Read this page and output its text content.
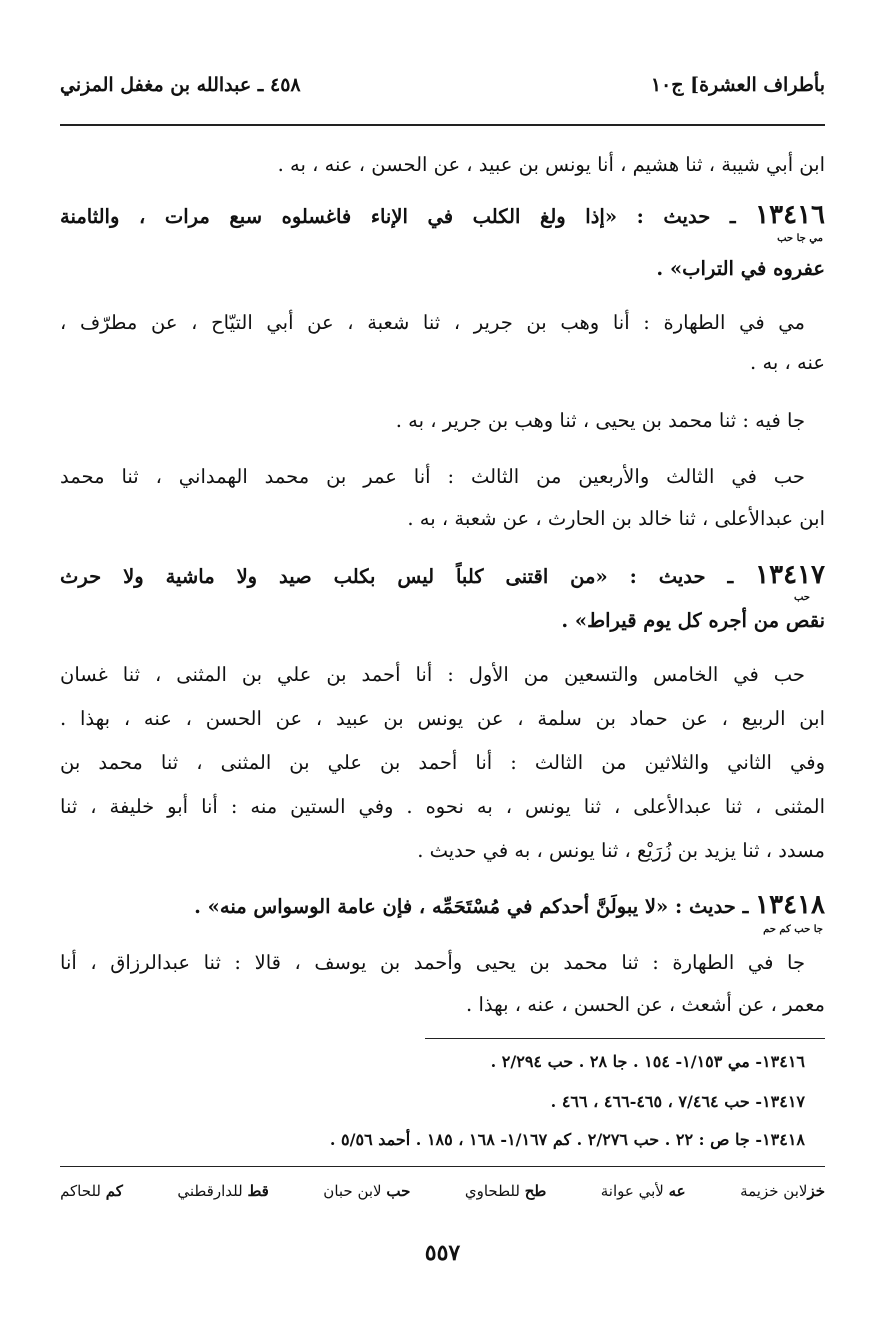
بأطراف العشرة] ج١٠
٤٥٨ ـ عبدالله بن مغفل المزني
ابن أبي شيبة ، ثنا هشيم ، أنا يونس بن عبيد ، عن الحسن ، عنه ، به .
١٣٤١٦ ـ حديث : «إذا ولغ الكلب في الإناء فاغسلوه سبع مرات ، والثامنة
مي جا حب
عفروه في التراب» .
مي في الطهارة : أنا وهب بن جرير ، ثنا شعبة ، عن أبي التيّاح ، عن مطرّف ،
عنه ، به .
جا فيه : ثنا محمد بن يحيى ، ثنا وهب بن جرير ، به .
حب في الثالث والأربعين من الثالث : أنا عمر بن محمد الهمداني ، ثنا محمد
ابن عبدالأعلى ، ثنا خالد بن الحارث ، عن شعبة ، به .
١٣٤١٧ ـ حديث : «من اقتنى كلباً ليس بكلب صيد ولا ماشية ولا حرث
حب
نقص من أجره كل يوم قيراط» .
حب في الخامس والتسعين من الأول : أنا أحمد بن علي بن المثنى ، ثنا غسان
ابن الربيع ، عن حماد بن سلمة ، عن يونس بن عبيد ، عن الحسن ، عنه ، بهذا .
وفي الثاني والثلاثين من الثالث : أنا أحمد بن علي بن المثنى ، ثنا محمد بن
المثنى ، ثنا عبدالأعلى ، ثنا يونس ، به نحوه . وفي الستين منه : أنا أبو خليفة ، ثنا
مسدد ، ثنا يزيد بن زُرَيْع ، ثنا يونس ، به في حديث .
١٣٤١٨ ـ حديث : «لا يبولَنَّ أحدكم في مُسْتَحَمِّه ، فإن عامة الوسواس منه» .
جا حب كم حم
جا في الطهارة : ثنا محمد بن يحيى وأحمد بن يوسف ، قالا : ثنا عبدالرزاق ، أنا
معمر ، عن أشعث ، عن الحسن ، عنه ، بهذا .
١٣٤١٦- مي ١/١٥٣- ١٥٤ . جا ٢٨ . حب ٢/٢٩٤ .
١٣٤١٧- حب ٧/٤٦٤ ، ٤٦٥-٤٦٦ ، ٤٦٦ .
١٣٤١٨- جا ص : ٢٢ . حب ٢/٢٧٦ . كم ١/١٦٧- ١٦٨ ، ١٨٥ . أحمد ٥/٥٦ .
خزلابن خزيمة
عه لأبي عوانة
طح للطحاوي
حب لابن حبان
قط للدارقطني
كم للحاكم
٥٥٧
